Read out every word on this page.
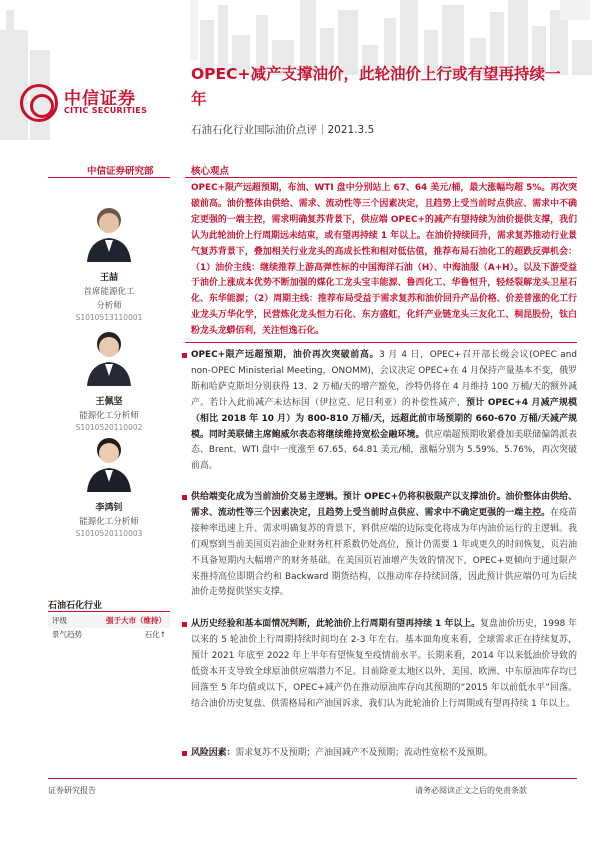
中信证券
CITIC SECURITIES
OPEC+减产支撑油价，此轮油价上行或有望再持续一年
石油石化行业国际油价点评｜2021.3.5
中信证券研究部
王喆
首席能源化工
分析师
S1010513110001
王佩坚
能源化工分析师
S1010520110002
李鸿钊
能源化工分析师
S1010520110003
石油石化行业
评级	强于大市（维持）
景气趋势	石化↑
核心观点
OPEC+限产远超预期，布油、WTI 盘中分别站上 67、64 美元/桶，最大涨幅均超 5%。再次突破前高。油价整体由供给、需求、流动性等三个因素决定，且趋势上受当前时点供应、需求中不确定更强的一端主控，需求明确复苏背景下，供应端 OPEC+的减产有望持续为油价提供支撑，我们认为此轮油价上行周期远未结束，或有望再持续 1 年以上。在油价持续回升，需求复苏推动行业景气复苏背景下，叠加相关行业龙头的高成长性和相对低估值，推荐布局石油化工的超跌反弹机会：（1）油价主线：继续推荐上游高弹性标的中国海洋石油（H）、中海油服（A+H）。以及下游受益于油价上涨成本优势不断加强的煤化工龙头宝丰能源、鲁西化工、华鲁恒升，轻烃裂解龙头卫星石化、东华能源；（2）周期主线：推荐布局受益于需求复苏和油价回升产品价格、价差普涨的化工行业龙头万华化学，民营炼化龙头恒力石化、东方盛虹，化纤产业链龙头三友化工、桐昆股份，钛白粉龙头龙蟒佰利，关注恒逸石化。
OPEC+限产远超预期，油价再次突破前高。3 月 4 日，OPEC+召开部长级会议(OPEC and non-OPEC Ministerial Meeting，ONOMM)，会议决定 OPEC+在 4 月保持产量基本不变，俄罗斯和哈萨克斯坦分别获得 13、2 万桶/天的增产豁免，沙特仍将在 4 月维持 100 万桶/天的额外减产。若计入此前减产未达标国（伊拉克、尼日利亚）的补偿性减产，预计 OPEC+4 月减产规模（相比 2018 年 10 月）为 800-810 万桶/天，远超此前市场预期的 660-670 万桶/天减产规模。同时美联储主席鲍威尔表态将继续维持宽松金融环境。供应端超预期收紧叠加美联储偏鸽派表态、Brent、WTI 盘中一度涨至 67.65、64.81 美元/桶，涨幅分别为 5.59%、5.76%，再次突破前高。
供给端变化成为当前油价交易主逻辑。预计 OPEC+仍将积极限产以支撑油价。油价整体由供给、需求、流动性等三个因素决定，且趋势上受当前时点供应、需求中不确定更强的一端主控。在疫苗接种率迅速上升、需求明确复苏的背景下，料供应端的边际变化将成为年内油价运行的主逻辑。我们观察到当前美国页岩油企业财务杠杆系数仍处高位，预计仍需要 1 年或更久的时间恢复，页岩油不具备短期内大幅增产的财务基础。在美国页岩油增产失效的情况下，OPEC+更倾向于通过限产来推持高位即期合约和 Backward 期货结构，以推动库存持续回落，因此预计供应端仍可为后续油价走势提供坚实支撑。
从历史经验和基本面情况判断，此轮油价上行周期有望再持续 1 年以上。复盘油价历史，1998 年以来的 5 轮油价上行周期持续时间均在 2-3 年左右。基本面角度来看，全球需求正在持续复苏，预计 2021 年底至 2022 年上半年有望恢复至疫情前水平。长期来看，2014 年以来低油价导致的低资本开支导致全球原油供应端潜力不足。目前除亚太地区以外，美国、欧洲、中东原油库存均已回落至 5 年均值或以下，OPEC+减产仍在推动原油库存向其预期的“2015 年以前低水平”回落。结合油价历史复盘、供需格局和产油国诉求，我们认为此轮油价上行周期或有望再持续 1 年以上。
风险因素：需求复苏不及预期；产油国减产不及预期；流动性宽松不及预期。
证券研究报告	请务必阅读正文之后的免责条款
